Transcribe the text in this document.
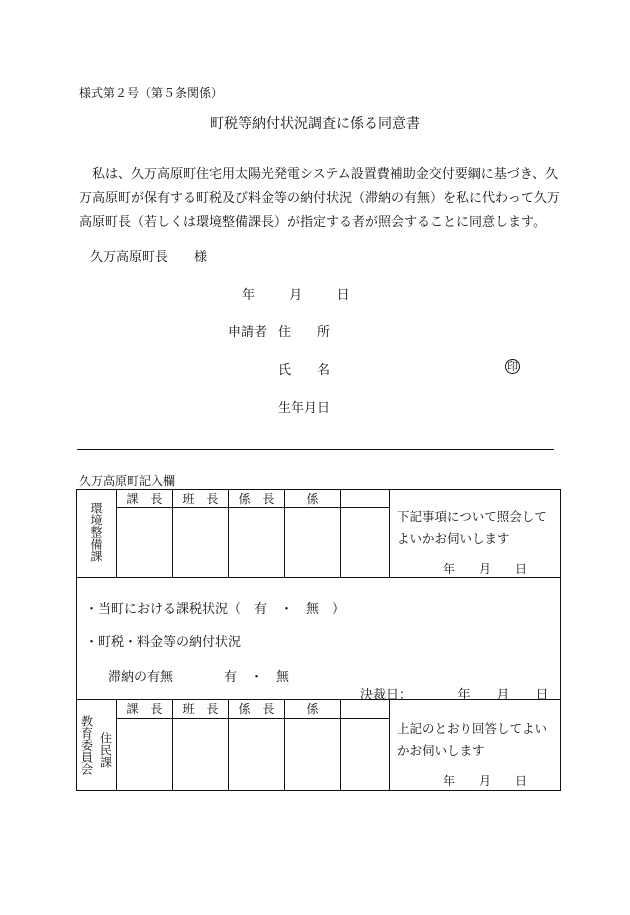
様式第２号（第５条関係）
町税等納付状況調査に係る同意書

私は、久万高原町住宅用太陽光発電システム設置費補助金交付要綱に基づき、久万高原町が保有する町税及び料金等の納付状況（滞納の有無）を私に代わって久万高原町長（若しくは環境整備課長）が指定する者が照会することに同意します。

久万高原町長 様
年	月	日
申請者 住　　所
氏　　名	印
生年月日
久万高原町記入欄
環境整備課	課　長	班　長	係　長	係	

下記事項について照会してよいかお伺いします
年   月   日
・当町における課税状況（　有　・　無　）
・町税・料金等の納付状況
滞納の有無	有　・　無
決裁日：    	年   月   日
住民課
教育委員会	課　長	班　長	係　長	係	

上記のとおり回答してよいかお伺いします
年   月   日
